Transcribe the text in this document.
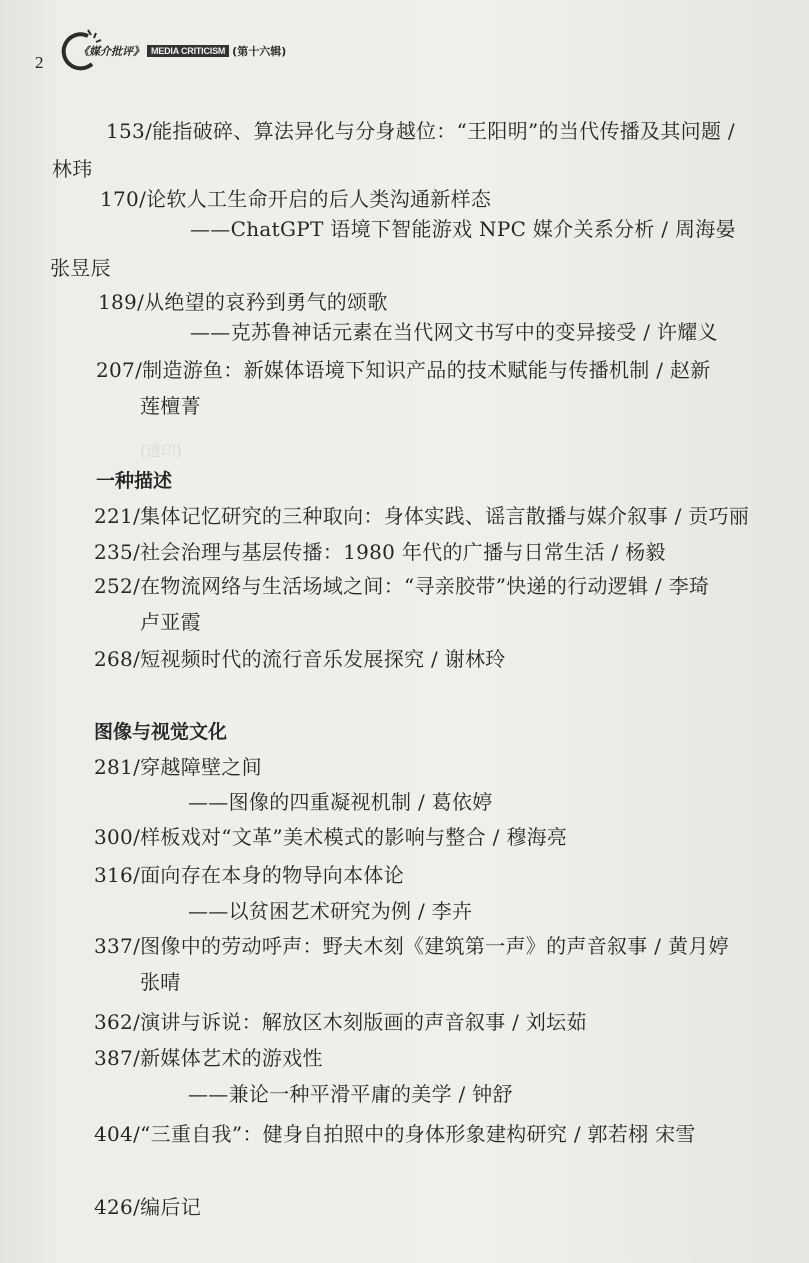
2
《媒介批评》 MEDIA CRITICISM (第十六辑)
153/能指破碎、算法异化与分身越位：“王阳明”的当代传播及其问题 /
林玮
170/论软人工生命开启的后人类沟通新样态
——ChatGPT 语境下智能游戏 NPC 媒介关系分析 / 周海晏
张昱辰
189/从绝望的哀矜到勇气的颂歌
——克苏鲁神话元素在当代网文书写中的变异接受 / 许耀义
207/制造游鱼：新媒体语境下知识产品的技术赋能与传播机制 / 赵新
莲檀菁
(透印)
一种描述
221/集体记忆研究的三种取向：身体实践、谣言散播与媒介叙事 / 贡巧丽
235/社会治理与基层传播：1980 年代的广播与日常生活 / 杨毅
252/在物流网络与生活场域之间：“寻亲胶带”快递的行动逻辑 / 李琦
卢亚霞
268/短视频时代的流行音乐发展探究 / 谢林玲
图像与视觉文化
281/穿越障壁之间
——图像的四重凝视机制 / 葛依婷
300/样板戏对“文革”美术模式的影响与整合 / 穆海亮
316/面向存在本身的物导向本体论
——以贫困艺术研究为例 / 李卉
337/图像中的劳动呼声：野夫木刻《建筑第一声》的声音叙事 / 黄月婷
张晴
362/演讲与诉说：解放区木刻版画的声音叙事 / 刘坛茹
387/新媒体艺术的游戏性
——兼论一种平滑平庸的美学 / 钟舒
404/“三重自我”：健身自拍照中的身体形象建构研究 / 郭若栩 宋雪
426/编后记
